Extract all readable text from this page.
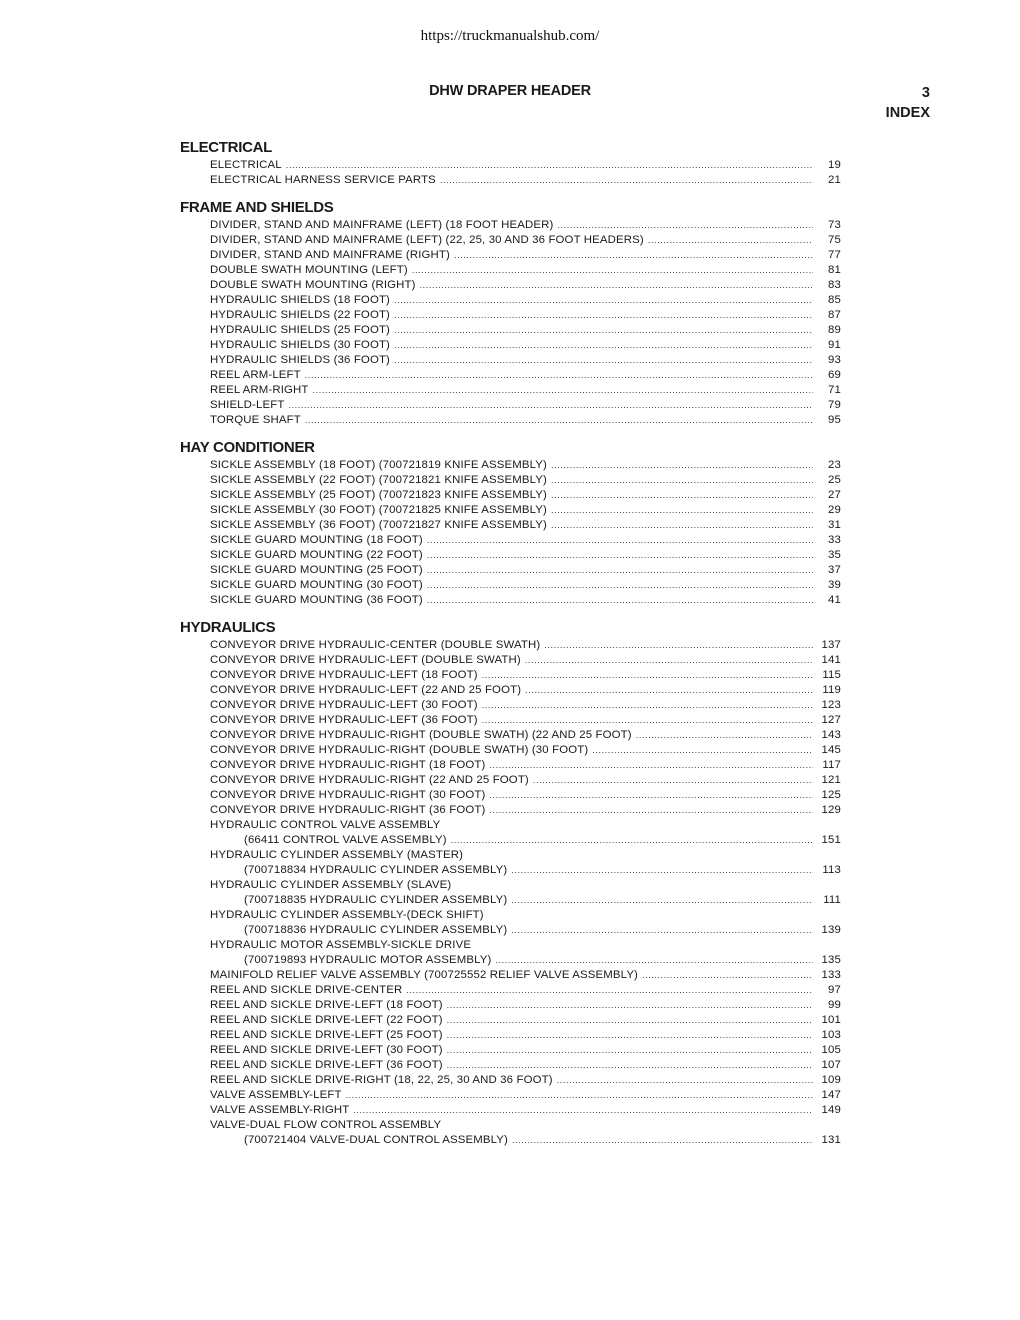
https://truckmanualshub.com/
DHW DRAPER HEADER	3
INDEX
ELECTRICAL
ELECTRICAL .....	19
ELECTRICAL HARNESS SERVICE PARTS .....	21
FRAME AND SHIELDS
DIVIDER, STAND AND MAINFRAME (LEFT) (18 FOOT HEADER) .....	73
DIVIDER, STAND AND MAINFRAME (LEFT) (22, 25, 30 AND 36 FOOT HEADERS) .....	75
DIVIDER, STAND AND MAINFRAME (RIGHT) .....	77
DOUBLE SWATH MOUNTING (LEFT) .....	81
DOUBLE SWATH MOUNTING (RIGHT) .....	83
HYDRAULIC SHIELDS (18 FOOT) .....	85
HYDRAULIC SHIELDS (22 FOOT) .....	87
HYDRAULIC SHIELDS (25 FOOT) .....	89
HYDRAULIC SHIELDS (30 FOOT) .....	91
HYDRAULIC SHIELDS (36 FOOT) .....	93
REEL ARM-LEFT .....	69
REEL ARM-RIGHT .....	71
SHIELD-LEFT .....	79
TORQUE SHAFT .....	95
HAY CONDITIONER
SICKLE ASSEMBLY (18 FOOT) (700721819 KNIFE ASSEMBLY) .....	23
SICKLE ASSEMBLY (22 FOOT) (700721821 KNIFE ASSEMBLY) .....	25
SICKLE ASSEMBLY (25 FOOT) (700721823 KNIFE ASSEMBLY) .....	27
SICKLE ASSEMBLY (30 FOOT) (700721825 KNIFE ASSEMBLY) .....	29
SICKLE ASSEMBLY (36 FOOT) (700721827 KNIFE ASSEMBLY) .....	31
SICKLE GUARD MOUNTING (18 FOOT) .....	33
SICKLE GUARD MOUNTING (22 FOOT) .....	35
SICKLE GUARD MOUNTING (25 FOOT) .....	37
SICKLE GUARD MOUNTING (30 FOOT) .....	39
SICKLE GUARD MOUNTING (36 FOOT) .....	41
HYDRAULICS
CONVEYOR DRIVE HYDRAULIC-CENTER (DOUBLE SWATH) .....	137
CONVEYOR DRIVE HYDRAULIC-LEFT (DOUBLE SWATH) .....	141
CONVEYOR DRIVE HYDRAULIC-LEFT (18 FOOT) .....	115
CONVEYOR DRIVE HYDRAULIC-LEFT (22 AND 25 FOOT) .....	119
CONVEYOR DRIVE HYDRAULIC-LEFT (30 FOOT) .....	123
CONVEYOR DRIVE HYDRAULIC-LEFT (36 FOOT) .....	127
CONVEYOR DRIVE HYDRAULIC-RIGHT (DOUBLE SWATH) (22 AND 25 FOOT) .....	143
CONVEYOR DRIVE HYDRAULIC-RIGHT (DOUBLE SWATH) (30 FOOT) .....	145
CONVEYOR DRIVE HYDRAULIC-RIGHT (18 FOOT) .....	117
CONVEYOR DRIVE HYDRAULIC-RIGHT (22 AND 25 FOOT) .....	121
CONVEYOR DRIVE HYDRAULIC-RIGHT (30 FOOT) .....	125
CONVEYOR DRIVE HYDRAULIC-RIGHT (36 FOOT) .....	129
HYDRAULIC CONTROL VALVE ASSEMBLY
(66411 CONTROL VALVE ASSEMBLY) .....	151
HYDRAULIC CYLINDER ASSEMBLY (MASTER)
(700718834 HYDRAULIC CYLINDER ASSEMBLY) .....	113
HYDRAULIC CYLINDER ASSEMBLY (SLAVE)
(700718835 HYDRAULIC CYLINDER ASSEMBLY) .....	111
HYDRAULIC CYLINDER ASSEMBLY-(DECK SHIFT)
(700718836 HYDRAULIC CYLINDER ASSEMBLY) .....	139
HYDRAULIC MOTOR ASSEMBLY-SICKLE DRIVE
(700719893 HYDRAULIC MOTOR ASSEMBLY) .....	135
MAINIFOLD RELIEF VALVE ASSEMBLY (700725552 RELIEF VALVE ASSEMBLY) .....	133
REEL AND SICKLE DRIVE-CENTER .....	97
REEL AND SICKLE DRIVE-LEFT (18 FOOT) .....	99
REEL AND SICKLE DRIVE-LEFT (22 FOOT) .....	101
REEL AND SICKLE DRIVE-LEFT (25 FOOT) .....	103
REEL AND SICKLE DRIVE-LEFT (30 FOOT) .....	105
REEL AND SICKLE DRIVE-LEFT (36 FOOT) .....	107
REEL AND SICKLE DRIVE-RIGHT (18, 22, 25, 30 AND 36 FOOT) .....	109
VALVE ASSEMBLY-LEFT .....	147
VALVE ASSEMBLY-RIGHT .....	149
VALVE-DUAL FLOW CONTROL ASSEMBLY
(700721404 VALVE-DUAL CONTROL ASSEMBLY) .....	131
